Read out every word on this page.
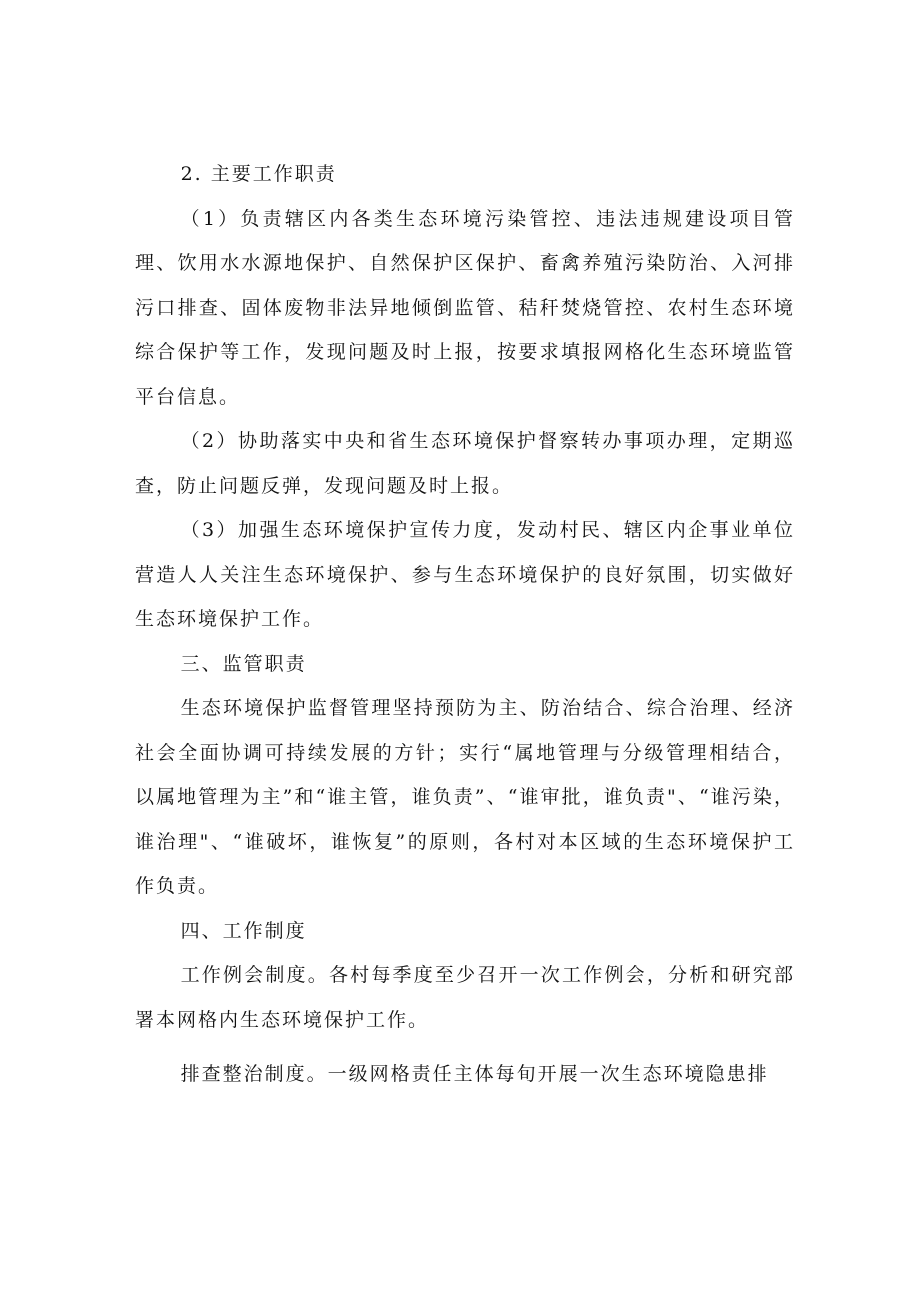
2. 主要工作职责

（1）负责辖区内各类生态环境污染管控、违法违规建设项目管理、饮用水水源地保护、自然保护区保护、畜禽养殖污染防治、入河排污口排查、固体废物非法异地倾倒监管、秸秆焚烧管控、农村生态环境综合保护等工作，发现问题及时上报，按要求填报网格化生态环境监管平台信息。

（2）协助落实中央和省生态环境保护督察转办事项办理，定期巡查，防止问题反弹，发现问题及时上报。

（3）加强生态环境保护宣传力度，发动村民、辖区内企事业单位营造人人关注生态环境保护、参与生态环境保护的良好氛围，切实做好生态环境保护工作。

三、监管职责

生态环境保护监督管理坚持预防为主、防治结合、综合治理、经济社会全面协调可持续发展的方针；实行“属地管理与分级管理相结合，以属地管理为主”和“谁主管，谁负责”、“谁审批，谁负责"、“谁污染，谁治理"、“谁破坏，谁恢复”的原则，各村对本区域的生态环境保护工作负责。

四、工作制度

工作例会制度。各村每季度至少召开一次工作例会，分析和研究部署本网格内生态环境保护工作。

排查整治制度。一级网格责任主体每旬开展一次生态环境隐患排
